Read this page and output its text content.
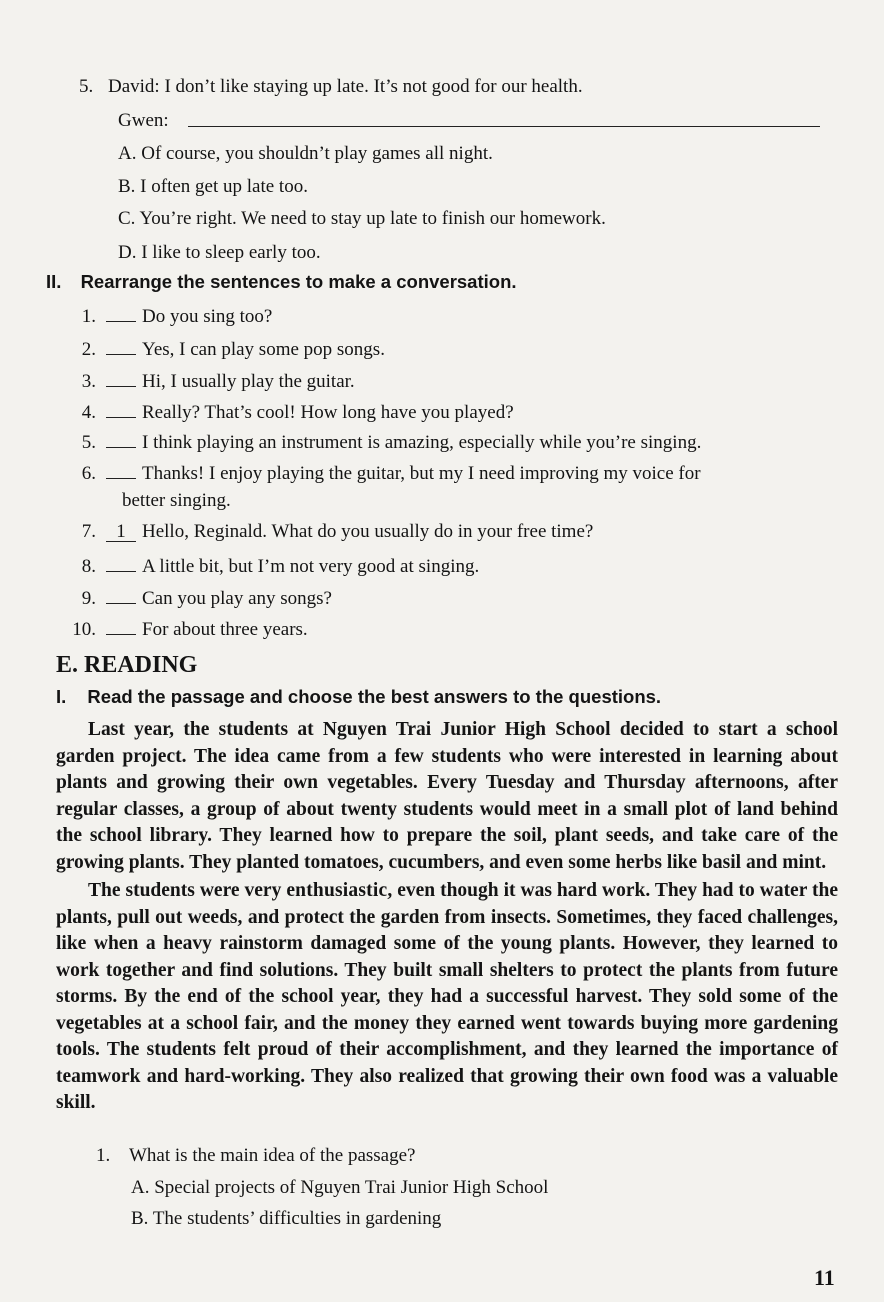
5. David: I don’t like staying up late. It’s not good for our health.
Gwen:
A. Of course, you shouldn’t play games all night.
B. I often get up late too.
C. You’re right. We need to stay up late to finish our homework.
D. I like to sleep early too.
II. Rearrange the sentences to make a conversation.
1. Do you sing too?
2. Yes, I can play some pop songs.
3. Hi, I usually play the guitar.
4. Really? That’s cool! How long have you played?
5. I think playing an instrument is amazing, especially while you’re singing.
6. Thanks! I enjoy playing the guitar, but my I need improving my voice for
better singing.
7. 1 Hello, Reginald. What do you usually do in your free time?
8. A little bit, but I’m not very good at singing.
9. Can you play any songs?
10. For about three years.
E. READING
I. Read the passage and choose the best answers to the questions.

Last year, the students at Nguyen Trai Junior High School decided to start a school garden project. The idea came from a few students who were interested in learning about plants and growing their own vegetables. Every Tuesday and Thursday afternoons, after regular classes, a group of about twenty students would meet in a small plot of land behind the school library. They learned how to prepare the soil, plant seeds, and take care of the growing plants. They planted tomatoes, cucumbers, and even some herbs like basil and mint.

The students were very enthusiastic, even though it was hard work. They had to water the plants, pull out weeds, and protect the garden from insects. Sometimes, they faced challenges, like when a heavy rainstorm damaged some of the young plants. However, they learned to work together and find solutions. They built small shelters to protect the plants from future storms. By the end of the school year, they had a successful harvest. They sold some of the vegetables at a school fair, and the money they earned went towards buying more gardening tools. The students felt proud of their accomplishment, and they learned the importance of teamwork and hard-working. They also realized that growing their own food was a valuable skill.

1. What is the main idea of the passage?
A. Special projects of Nguyen Trai Junior High School
B. The students’ difficulties in gardening
11
